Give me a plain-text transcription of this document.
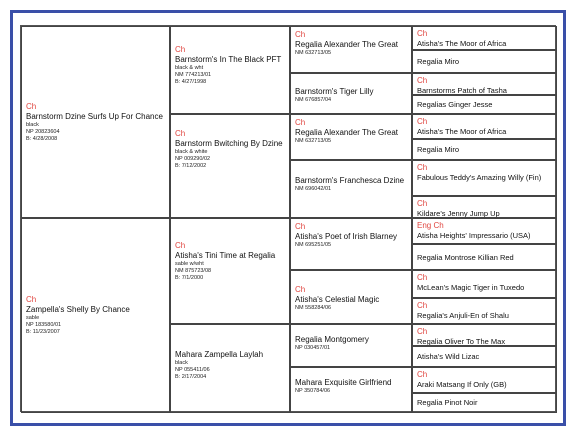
Ch
Barnstorm Dzine Surfs Up For Chance
black
NP 20823604
B: 4/28/2008
Ch
Zampella's Shelly By Chance
sable
NP 183580/01
B: 11/23/2007
Ch
Barnstorm's In The Black PFT
black & wht
NM 774213/01
B: 4/27/1998
Ch
Barnstorm Bwitching By Dzine
black & white
NP 009290/02
B: 7/12/2002
Ch
Atisha's Tini Time at Regalia
sable w/wht
NM 875723/08
B: 7/1/2000
Mahara Zampella Laylah
black
NP 055411/06
B: 2/17/2004
Ch
Regalia Alexander The Great
NM 632713/05
Barnstorm's Tiger Lilly
NM 676857/04
Ch
Regalia Alexander The Great
NM 632713/05
Barnstorm's Franchesca Dzine
NM 696042/01
Ch
Atisha's Poet of Irish Blarney
NM 695251/05
Ch
Atisha's Celestial Magic
NM 558284/06
Regalia Montgomery
NP 030457/01
Mahara Exquisite Girlfriend
NP 350784/06
Ch
Atisha's The Moor of Africa
Regalia Miro
Ch
Barnstorms Patch of Tasha
Regalias Ginger Jesse
Ch
Atisha's The Moor of Africa
Regalia Miro
Ch
Fabulous Teddy's Amazing Willy (Fin)
Ch
Kildare's Jenny Jump Up
Eng Ch
Atisha Heights' Impressario (USA)
Regalia Montrose Killian Red
Ch
McLean's Magic Tiger in Tuxedo
Ch
Regalia's Anjuli-En of Shalu
Ch
Regalia Oliver To The Max
Atisha's Wild Lizac
Ch
Araki Matsang If Only (GB)
Regalia Pinot Noir
